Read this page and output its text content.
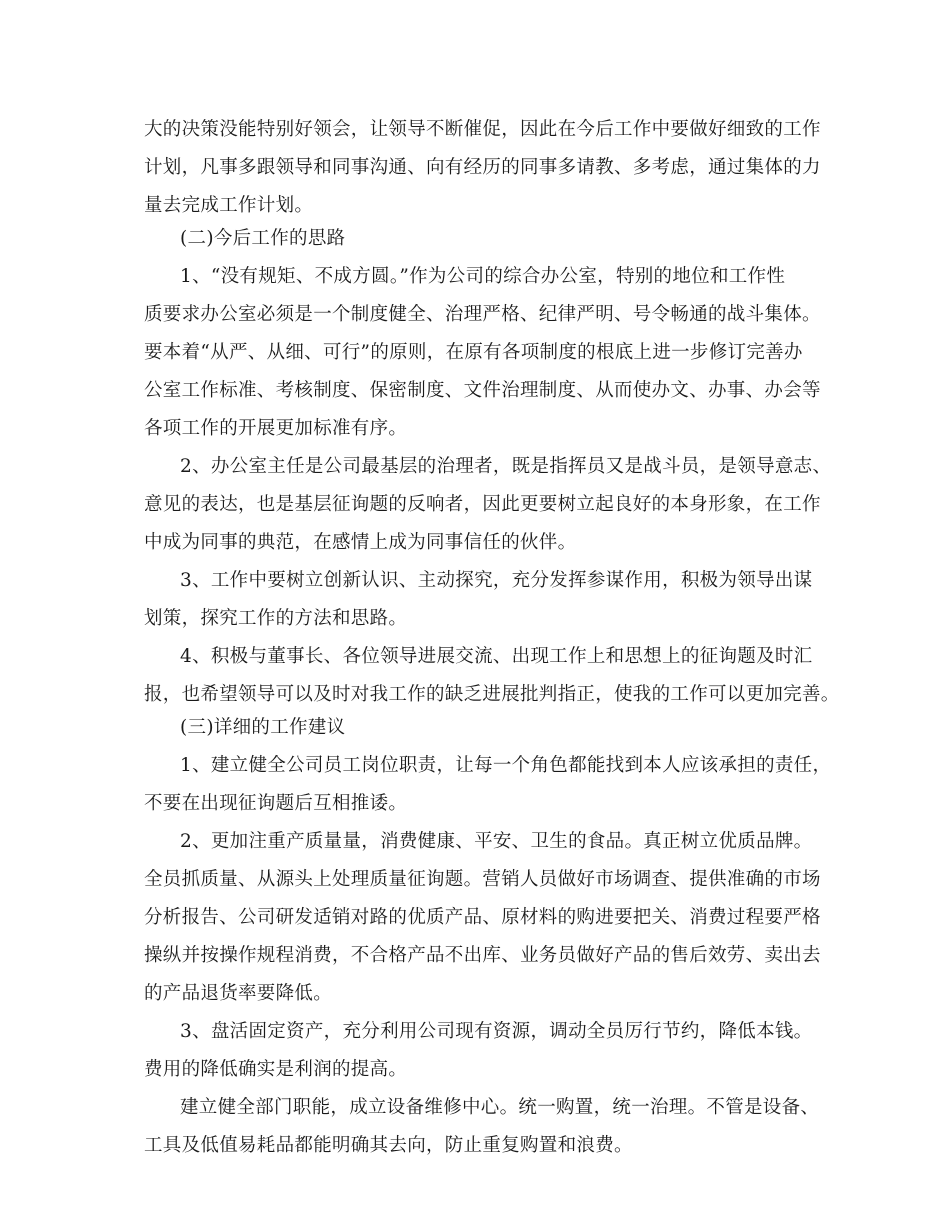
大的决策没能特别好领会，让领导不断催促，因此在今后工作中要做好细致的工作
计划，凡事多跟领导和同事沟通、向有经历的同事多请教、多考虑，通过集体的力
量去完成工作计划。
(二)今后工作的思路
1、“没有规矩、不成方圆。”作为公司的综合办公室，特别的地位和工作性
质要求办公室必须是一个制度健全、治理严格、纪律严明、号令畅通的战斗集体。
要本着“从严、从细、可行”的原则，在原有各项制度的根底上进一步修订完善办
公室工作标准、考核制度、保密制度、文件治理制度、从而使办文、办事、办会等
各项工作的开展更加标准有序。
2、办公室主任是公司最基层的治理者，既是指挥员又是战斗员，是领导意志、
意见的表达，也是基层征询题的反响者，因此更要树立起良好的本身形象，在工作
中成为同事的典范，在感情上成为同事信任的伙伴。
3、工作中要树立创新认识、主动探究，充分发挥参谋作用，积极为领导出谋
划策，探究工作的方法和思路。
4、积极与董事长、各位领导进展交流、出现工作上和思想上的征询题及时汇
报，也希望领导可以及时对我工作的缺乏进展批判指正，使我的工作可以更加完善。
(三)详细的工作建议
1、建立健全公司员工岗位职责，让每一个角色都能找到本人应该承担的责任，
不要在出现征询题后互相推诿。
2、更加注重产质量量，消费健康、平安、卫生的食品。真正树立优质品牌。
全员抓质量、从源头上处理质量征询题。营销人员做好市场调查、提供准确的市场
分析报告、公司研发适销对路的优质产品、原材料的购进要把关、消费过程要严格
操纵并按操作规程消费，不合格产品不出库、业务员做好产品的售后效劳、卖出去
的产品退货率要降低。
3、盘活固定资产，充分利用公司现有资源，调动全员厉行节约，降低本钱。
费用的降低确实是利润的提高。
建立健全部门职能，成立设备维修中心。统一购置，统一治理。不管是设备、
工具及低值易耗品都能明确其去向，防止重复购置和浪费。
